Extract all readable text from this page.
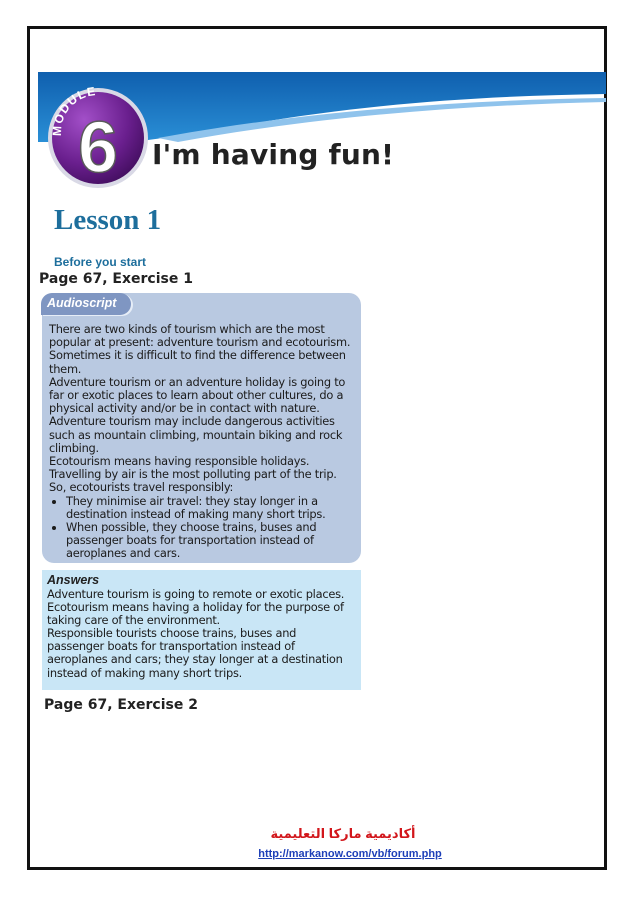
MODULE
6 I'm having fun!
Lesson 1
Before you start
Page 67, Exercise 1
Audioscript

There are two kinds of tourism which are the most popular at present: adventure tourism and ecotourism. Sometimes it is difficult to find the difference between them.

Adventure tourism or an adventure holiday is going to far or exotic places to learn about other cultures, do a physical activity and/or be in contact with nature. Adventure tourism may include dangerous activities such as mountain climbing, mountain biking and rock climbing.

Ecotourism means having responsible holidays. Travelling by air is the most polluting part of the trip. So, ecotourists travel responsibly:

• They minimise air travel: they stay longer in a destination instead of making many short trips.
• When possible, they choose trains, buses and passenger boats for transportation instead of aeroplanes and cars.
Answers

Adventure tourism is going to remote or exotic places.

Ecotourism means having a holiday for the purpose of taking care of the environment.

Responsible tourists choose trains, buses and passenger boats for transportation instead of aeroplanes and cars; they stay longer at a destination instead of making many short trips.

Page 67, Exercise 2
أكاديمية ماركا التعليمية
http://markanow.com/vb/forum.php
